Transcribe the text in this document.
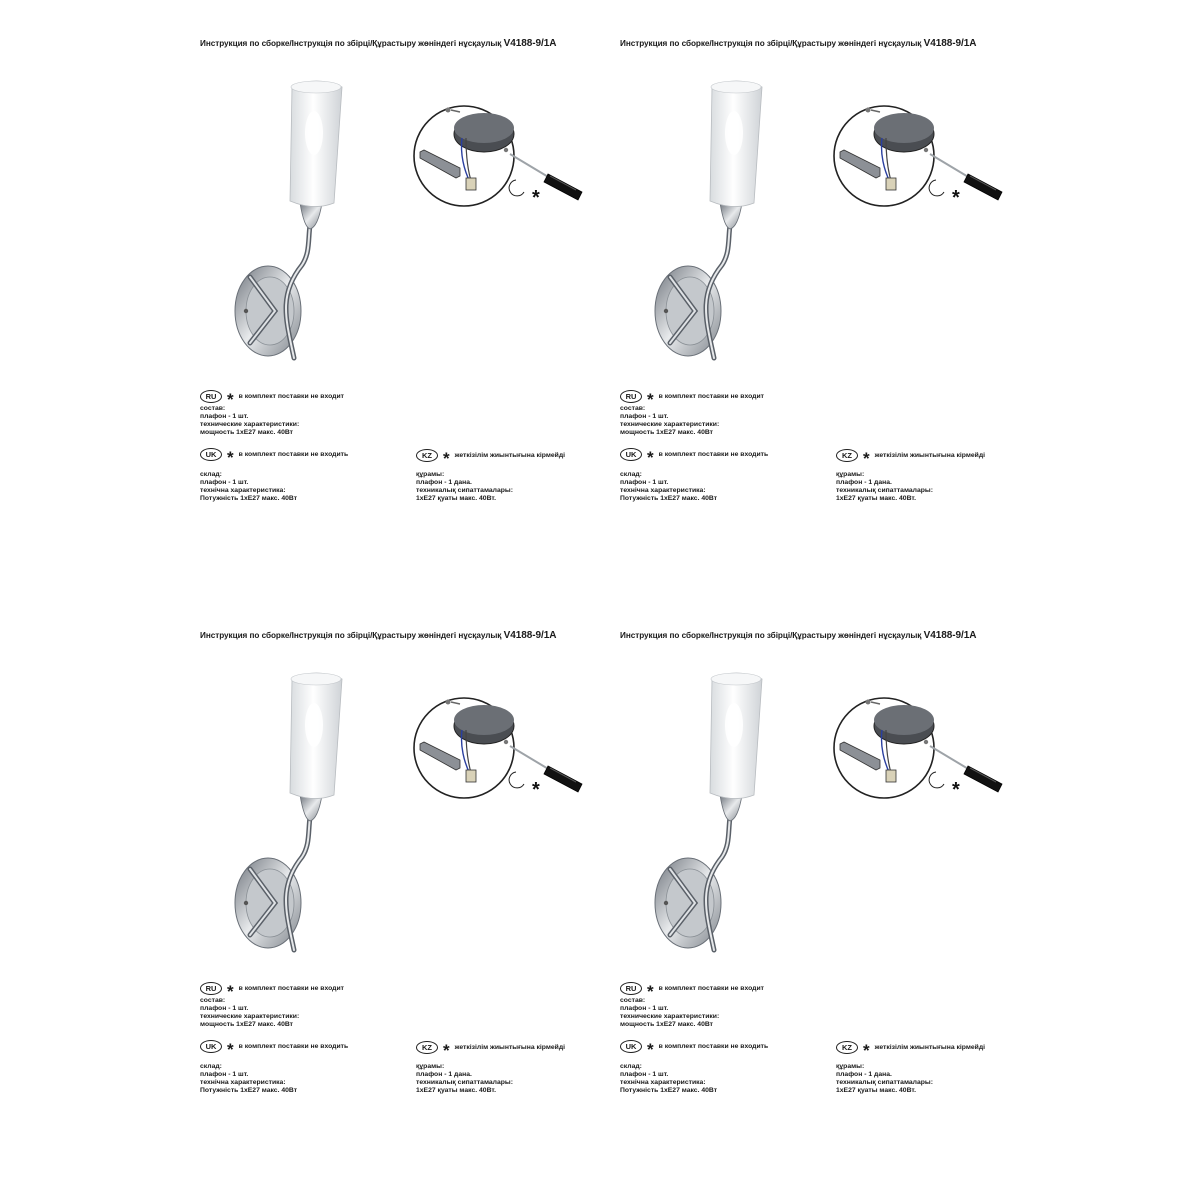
Инструкция по сборке/Інструкція по збірці/Құрастыру жөніндегі нұсқаулық V4188-9/1A
*
RU * в комплект поставки не входит
состав:
плафон - 1 шт.
технические характеристики:
мощность 1хЕ27 макс. 40Вт
UK * в комплект поставки не входить
склад:
плафон - 1 шт.
технічна характеристика:
Потужність 1хЕ27 макс. 40Вт
KZ * жеткізілім жиынтығына кірмейді
құрамы:
плафон - 1 дана.
техникалық сипаттамалары:
1хЕ27 қуаты макс. 40Вт.
Инструкция по сборке/Інструкція по збірці/Құрастыру жөніндегі нұсқаулық V4188-9/1A
*
RU * в комплект поставки не входит
состав:
плафон - 1 шт.
технические характеристики:
мощность 1хЕ27 макс. 40Вт
UK * в комплект поставки не входить
склад:
плафон - 1 шт.
технічна характеристика:
Потужність 1хЕ27 макс. 40Вт
KZ * жеткізілім жиынтығына кірмейді
құрамы:
плафон - 1 дана.
техникалық сипаттамалары:
1хЕ27 қуаты макс. 40Вт.
Инструкция по сборке/Інструкція по збірці/Құрастыру жөніндегі нұсқаулық V4188-9/1A
*
RU * в комплект поставки не входит
состав:
плафон - 1 шт.
технические характеристики:
мощность 1хЕ27 макс. 40Вт
UK * в комплект поставки не входить
склад:
плафон - 1 шт.
технічна характеристика:
Потужність 1хЕ27 макс. 40Вт
KZ * жеткізілім жиынтығына кірмейді
құрамы:
плафон - 1 дана.
техникалық сипаттамалары:
1хЕ27 қуаты макс. 40Вт.
Инструкция по сборке/Інструкція по збірці/Құрастыру жөніндегі нұсқаулық V4188-9/1A
*
RU * в комплект поставки не входит
состав:
плафон - 1 шт.
технические характеристики:
мощность 1хЕ27 макс. 40Вт
UK * в комплект поставки не входить
склад:
плафон - 1 шт.
технічна характеристика:
Потужність 1хЕ27 макс. 40Вт
KZ * жеткізілім жиынтығына кірмейді
құрамы:
плафон - 1 дана.
техникалық сипаттамалары:
1хЕ27 қуаты макс. 40Вт.
